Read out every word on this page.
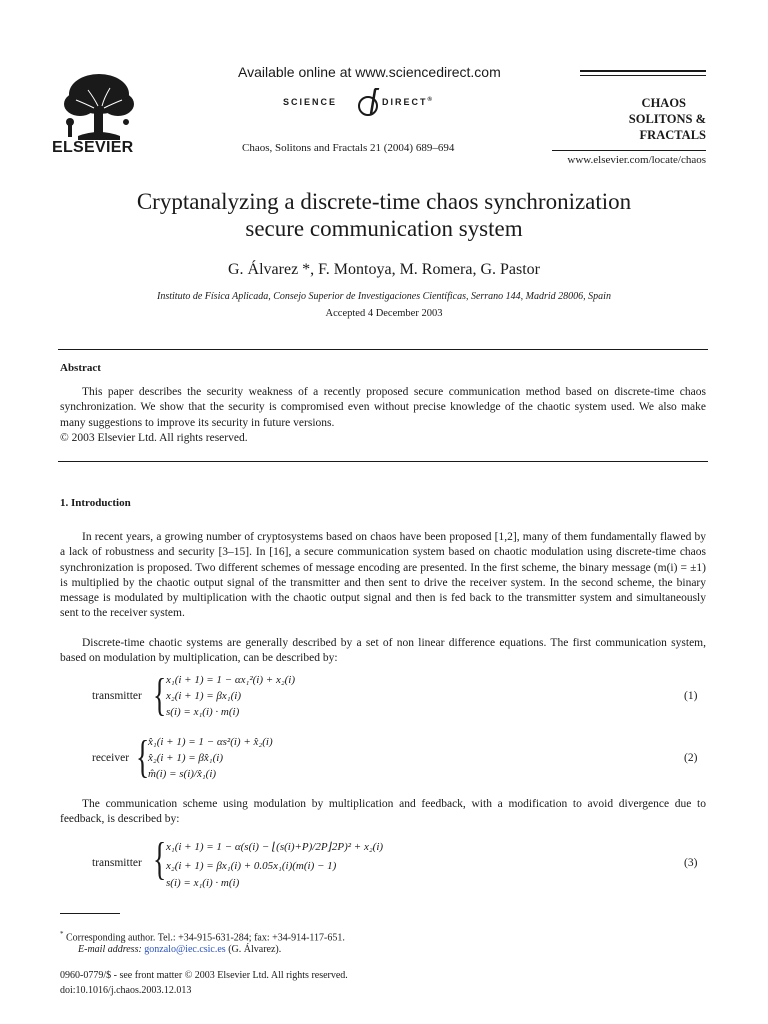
ELSEVIER
Available online at www.sciencedirect.com
SCIENCE	DIRECT®
Chaos, Solitons and Fractals 21 (2004) 689–694
CHAOS
SOLITONS & FRACTALS
www.elsevier.com/locate/chaos
Cryptanalyzing a discrete-time chaos synchronization
secure communication system
G. Álvarez *, F. Montoya, M. Romera, G. Pastor
Instituto de Física Aplicada, Consejo Superior de Investigaciones Científicas, Serrano 144, Madrid 28006, Spain
Accepted 4 December 2003
Abstract
This paper describes the security weakness of a recently proposed secure communication method based on discrete-time chaos synchronization. We show that the security is compromised even without precise knowledge of the chaotic system used. We also make many suggestions to improve its security in future versions.
© 2003 Elsevier Ltd. All rights reserved.
1. Introduction
In recent years, a growing number of cryptosystems based on chaos have been proposed [1,2], many of them fundamentally flawed by a lack of robustness and security [3–15]. In [16], a secure communication system based on chaotic modulation using discrete-time chaos synchronization is proposed. Two different schemes of message encoding are presented. In the first scheme, the binary message (m(i) = ±1) is multiplied by the chaotic output signal of the transmitter and then sent to drive the receiver system. In the second scheme, the binary message is modulated by multiplication with the chaotic output signal and then is fed back to the transmitter system and simultaneously sent to the receiver system.
Discrete-time chaotic systems are generally described by a set of non linear difference equations. The first communication system, based on modulation by multiplication, can be described by:
transmitter { x₁(i + 1) = 1 − αx₁²(i) + x₂(i)
x₂(i + 1) = βx₁(i)
s(i) = x₁(i) · m(i)
(1)
receiver {
x̂₁(i + 1) = 1 − αs²(i) + x̂₂(i)
x̂₂(i + 1) = βx̂₁(i)
m̂(i) = s(i)/x̂₁(i)
(2)
The communication scheme using modulation by multiplication and feedback, with a modification to avoid divergence due to feedback, is described by:
transmitter { x₁(i + 1) = 1 − α(s(i) − ⌊(s(i)+P)/2P⌋2P)² + x₂(i)
x₂(i + 1) = βx₁(i) + 0.05x₁(i)(m(i) − 1)
s(i) = x₁(i) · m(i)
(3)
* Corresponding author. Tel.: +34-915-631-284; fax: +34-914-117-651.
E-mail address: gonzalo@iec.csic.es (G. Álvarez).
0960-0779/$ - see front matter © 2003 Elsevier Ltd. All rights reserved.
doi:10.1016/j.chaos.2003.12.013
